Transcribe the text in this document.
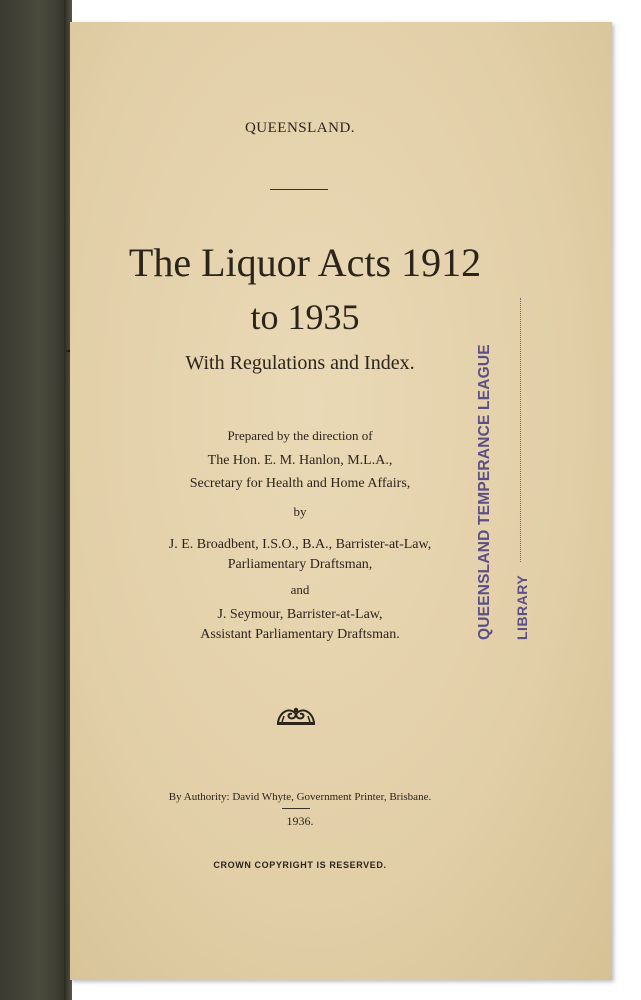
QUEENSLAND.
The Liquor Acts 1912
to 1935
With Regulations and Index.
Prepared by the direction of
The Hon. E. M. Hanlon, M.L.A.,
Secretary for Health and Home Affairs,
by
J. E. Broadbent, I.S.O., B.A., Barrister-at-Law,
Parliamentary Draftsman,
and
J. Seymour, Barrister-at-Law,
Assistant Parliamentary Draftsman.
By Authority: David Whyte, Government Printer, Brisbane.
1936.
CROWN COPYRIGHT IS RESERVED.
QUEENSLAND TEMPERANCE LEAGUE LIBRARY
